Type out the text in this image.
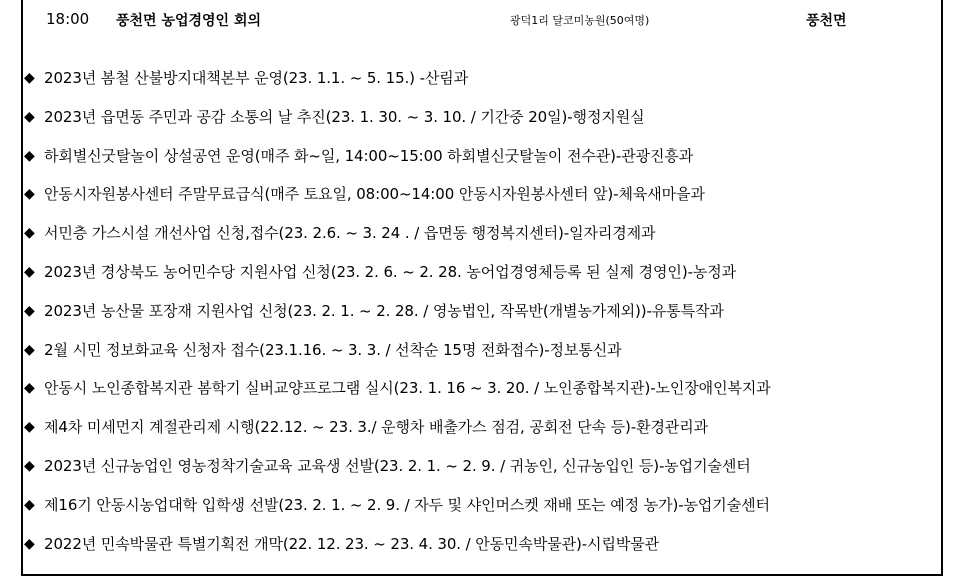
18:00 풍천면 농업경영인 회의	광덕1리 달코미농원(50여명)	풍천면
◆ 2023년 봄철 산불방지대책본부 운영(23. 1.1. ~ 5. 15.) -산림과
◆ 2023년 읍면동 주민과 공감 소통의 날 추진(23. 1. 30. ~ 3. 10. / 기간중 20일)-행정지원실
◆ 하회별신굿탈놀이 상설공연 운영(매주 화~일, 14:00~15:00 하회별신굿탈놀이 전수관)-관광진흥과
◆ 안동시자원봉사센터 주말무료급식(매주 토요일, 08:00~14:00 안동시자원봉사센터 앞)-체육새마을과
◆ 서민층 가스시설 개선사업 신청,접수(23. 2.6. ~ 3. 24 . / 읍면동 행정복지센터)-일자리경제과
◆ 2023년 경상북도 농어민수당 지원사업 신청(23. 2. 6. ~ 2. 28. 농어업경영체등록 된 실제 경영인)-농정과
◆ 2023년 농산물 포장재 지원사업 신청(23. 2. 1. ~ 2. 28. / 영농법인, 작목반(개별농가제외))-유통특작과
◆ 2월 시민 정보화교육 신청자 접수(23.1.16. ~ 3. 3. / 선착순 15명 전화접수)-정보통신과
◆ 안동시 노인종합복지관 봄학기 실버교양프로그램 실시(23. 1. 16 ~ 3. 20. / 노인종합복지관)-노인장애인복지과
◆ 제4차 미세먼지 계절관리제 시행(22.12. ~ 23. 3./ 운행차 배출가스 점검, 공회전 단속 등)-환경관리과
◆ 2023년 신규농업인 영농정착기술교육 교육생 선발(23. 2. 1. ~ 2. 9. / 귀농인, 신규농입인 등)-농업기술센터
◆ 제16기 안동시농업대학 입학생 선발(23. 2. 1. ~ 2. 9. / 자두 및 샤인머스켓 재배 또는 예정 농가)-농업기술센터
◆ 2022년 민속박물관 특별기획전 개막(22. 12. 23. ~ 23. 4. 30. / 안동민속박물관)-시립박물관
